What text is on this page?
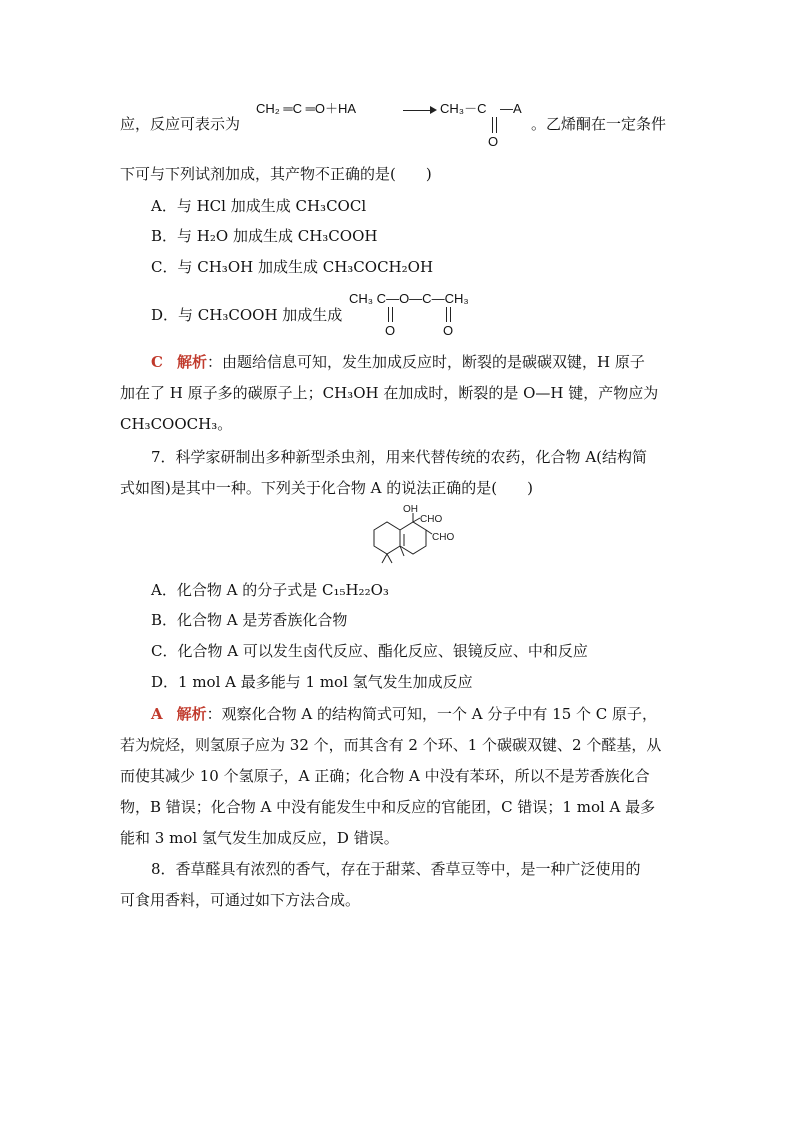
应，反应可表示为
CH₂ ═C ═O＋HA	CH₃－C —A
O
。乙烯酮在一定条件
下可与下列试剂加成，其产物不正确的是(　　)
A．与 HCl 加成生成 CH₃COCl
B．与 H₂O 加成生成 CH₃COOH
C．与 CH₃OH 加成生成 CH₃COCH₂OH
D．与 CH₃COOH 加成生成
CH₃ C—O—C—CH₃
O	O
C 解析：由题给信息可知，发生加成反应时，断裂的是碳碳双键，H 原子
加在了 H 原子多的碳原子上；CH₃OH 在加成时，断裂的是 O—H 键，产物应为
CH₃COOCH₃。
7．科学家研制出多种新型杀虫剂，用来代替传统的农药，化合物 A(结构简
式如图)是其中一种。下列关于化合物 A 的说法正确的是(　　)
OH
CHO
CHO
A．化合物 A 的分子式是 C₁₅H₂₂O₃
B．化合物 A 是芳香族化合物
C．化合物 A 可以发生卤代反应、酯化反应、银镜反应、中和反应
D．1 mol A 最多能与 1 mol 氢气发生加成反应
A 解析：观察化合物 A 的结构简式可知，一个 A 分子中有 15 个 C 原子，
若为烷烃，则氢原子应为 32 个，而其含有 2 个环、1 个碳碳双键、2 个醛基，从
而使其减少 10 个氢原子，A 正确；化合物 A 中没有苯环，所以不是芳香族化合
物，B 错误；化合物 A 中没有能发生中和反应的官能团，C 错误；1 mol A 最多
能和 3 mol 氢气发生加成反应，D 错误。
8．香草醛具有浓烈的香气，存在于甜菜、香草豆等中，是一种广泛使用的
可食用香料，可通过如下方法合成。
